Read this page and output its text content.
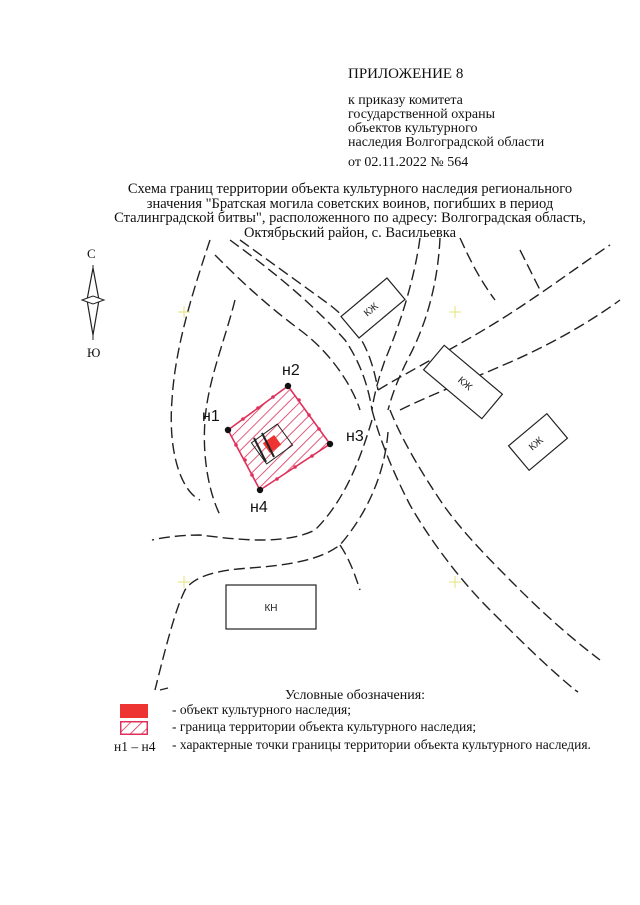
ПРИЛОЖЕНИЕ 8
к приказу комитета
государственной охраны
объектов культурного
наследия Волгоградской области
от 02.11.2022 № 564
Схема границ территории объекта культурного наследия регионального
значения "Братская могила советских воинов, погибших в период
Сталинградской битвы", расположенного по адресу: Волгоградская область,
Октябрьский район, с. Васильевка
КЖ
КЖ
КЖ
КН
н1
н2
н3
н4
С
Ю
Условные обозначения:
- объект культурного наследия;
- граница территории объекта культурного наследия;
н1 – н4 - характерные точки границы территории объекта культурного наследия.
